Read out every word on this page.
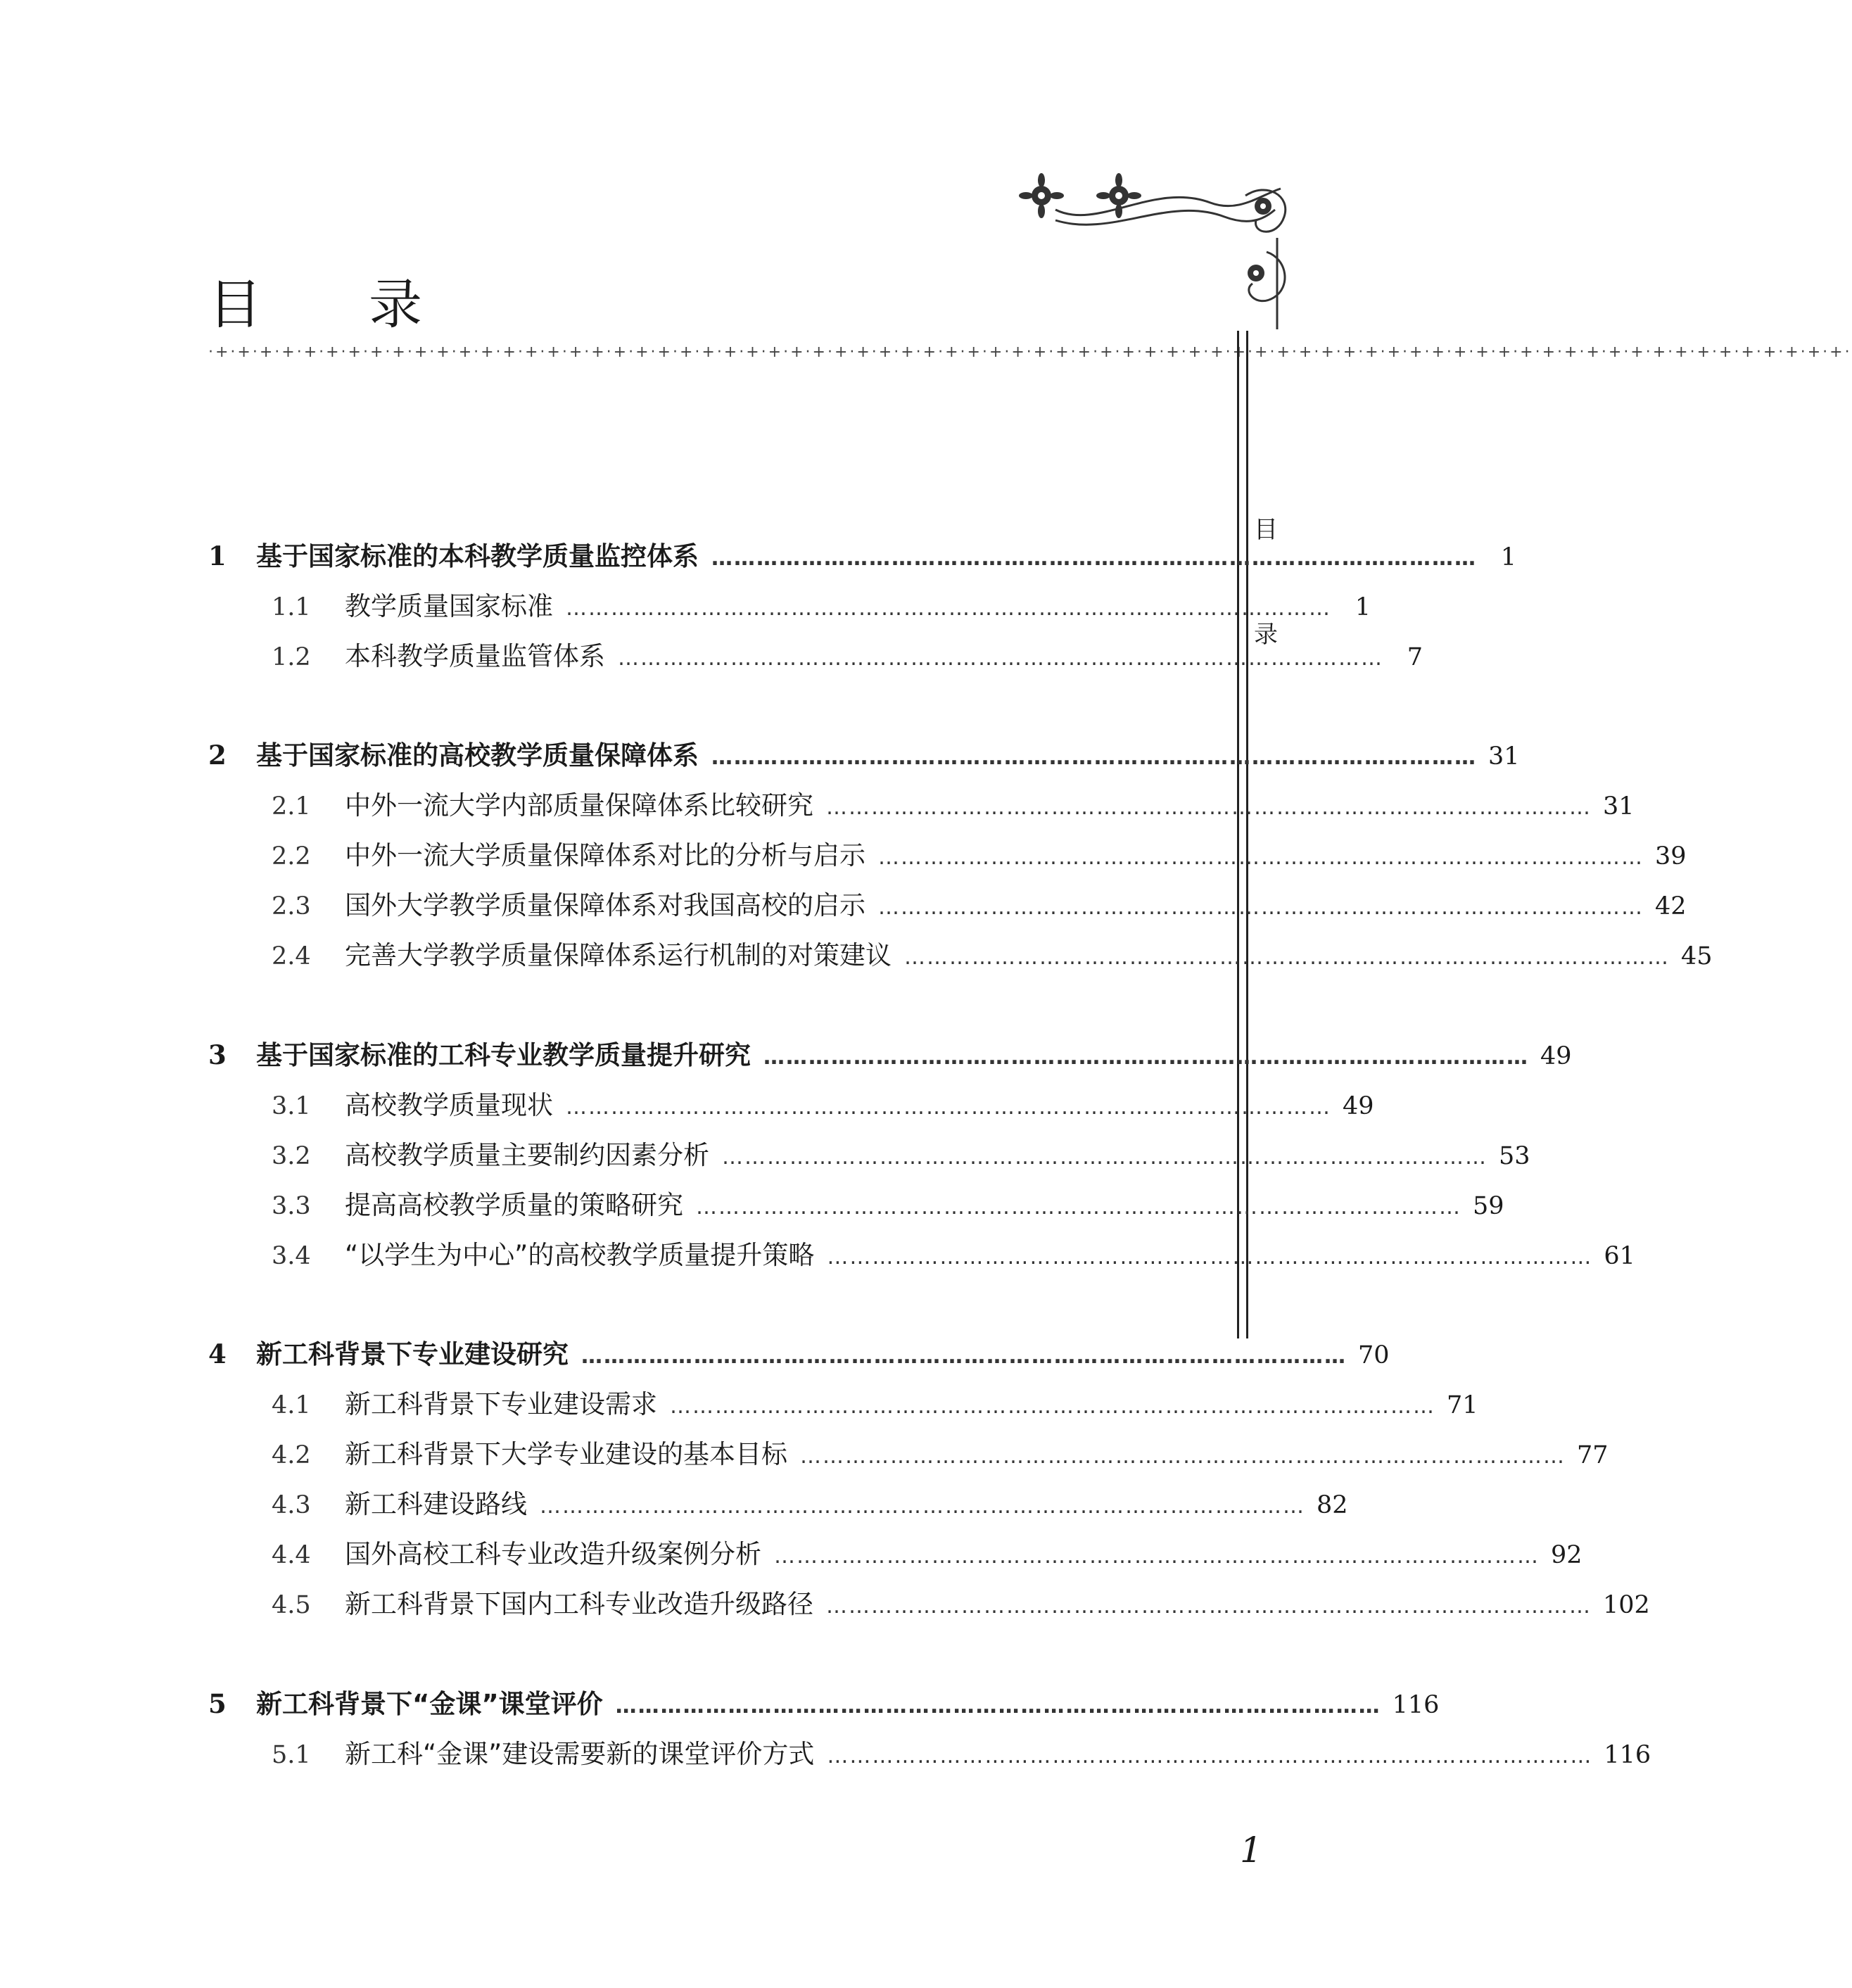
目 录
·+·+·+·+·+·+·+·+·+·+·+·+·+·+·+·+·+·+·+·+·+·+·+·+·+·+·+·+·+·+·+·+·+·+·+·+·+·+·+·+·+·+·+·+·+·+·+·+·+·+·+·+·+·+·+·+·+·+·+·+·+·+·+·+·+·+·+·+·+·+·+·+·+·+·
目
录
1	基于国家标准的本科教学质量监控体系 ………………………………………………………………………………………… 1
1.1	教学质量国家标准 ………………………………………………………………………………………… 1
1.2	本科教学质量监管体系 ………………………………………………………………………………………… 7
2	基于国家标准的高校教学质量保障体系 ………………………………………………………………………………………… 31
2.1	中外一流大学内部质量保障体系比较研究 ………………………………………………………………………………………… 31
2.2	中外一流大学质量保障体系对比的分析与启示 ………………………………………………………………………………………… 39
2.3	国外大学教学质量保障体系对我国高校的启示 ………………………………………………………………………………………… 42
2.4	完善大学教学质量保障体系运行机制的对策建议 ………………………………………………………………………………………… 45
3	基于国家标准的工科专业教学质量提升研究 ………………………………………………………………………………………… 49
3.1	高校教学质量现状 ………………………………………………………………………………………… 49
3.2	高校教学质量主要制约因素分析 ………………………………………………………………………………………… 53
3.3	提高高校教学质量的策略研究 ………………………………………………………………………………………… 59
3.4	“以学生为中心”的高校教学质量提升策略 ………………………………………………………………………………………… 61
4	新工科背景下专业建设研究 ………………………………………………………………………………………… 70
4.1	新工科背景下专业建设需求 ………………………………………………………………………………………… 71
4.2	新工科背景下大学专业建设的基本目标 ………………………………………………………………………………………… 77
4.3	新工科建设路线 ………………………………………………………………………………………… 82
4.4	国外高校工科专业改造升级案例分析 ………………………………………………………………………………………… 92
4.5	新工科背景下国内工科专业改造升级路径 ………………………………………………………………………………………… 102
5	新工科背景下“金课”课堂评价 ………………………………………………………………………………………… 116
5.1	新工科“金课”建设需要新的课堂评价方式 ………………………………………………………………………………………… 116
1
